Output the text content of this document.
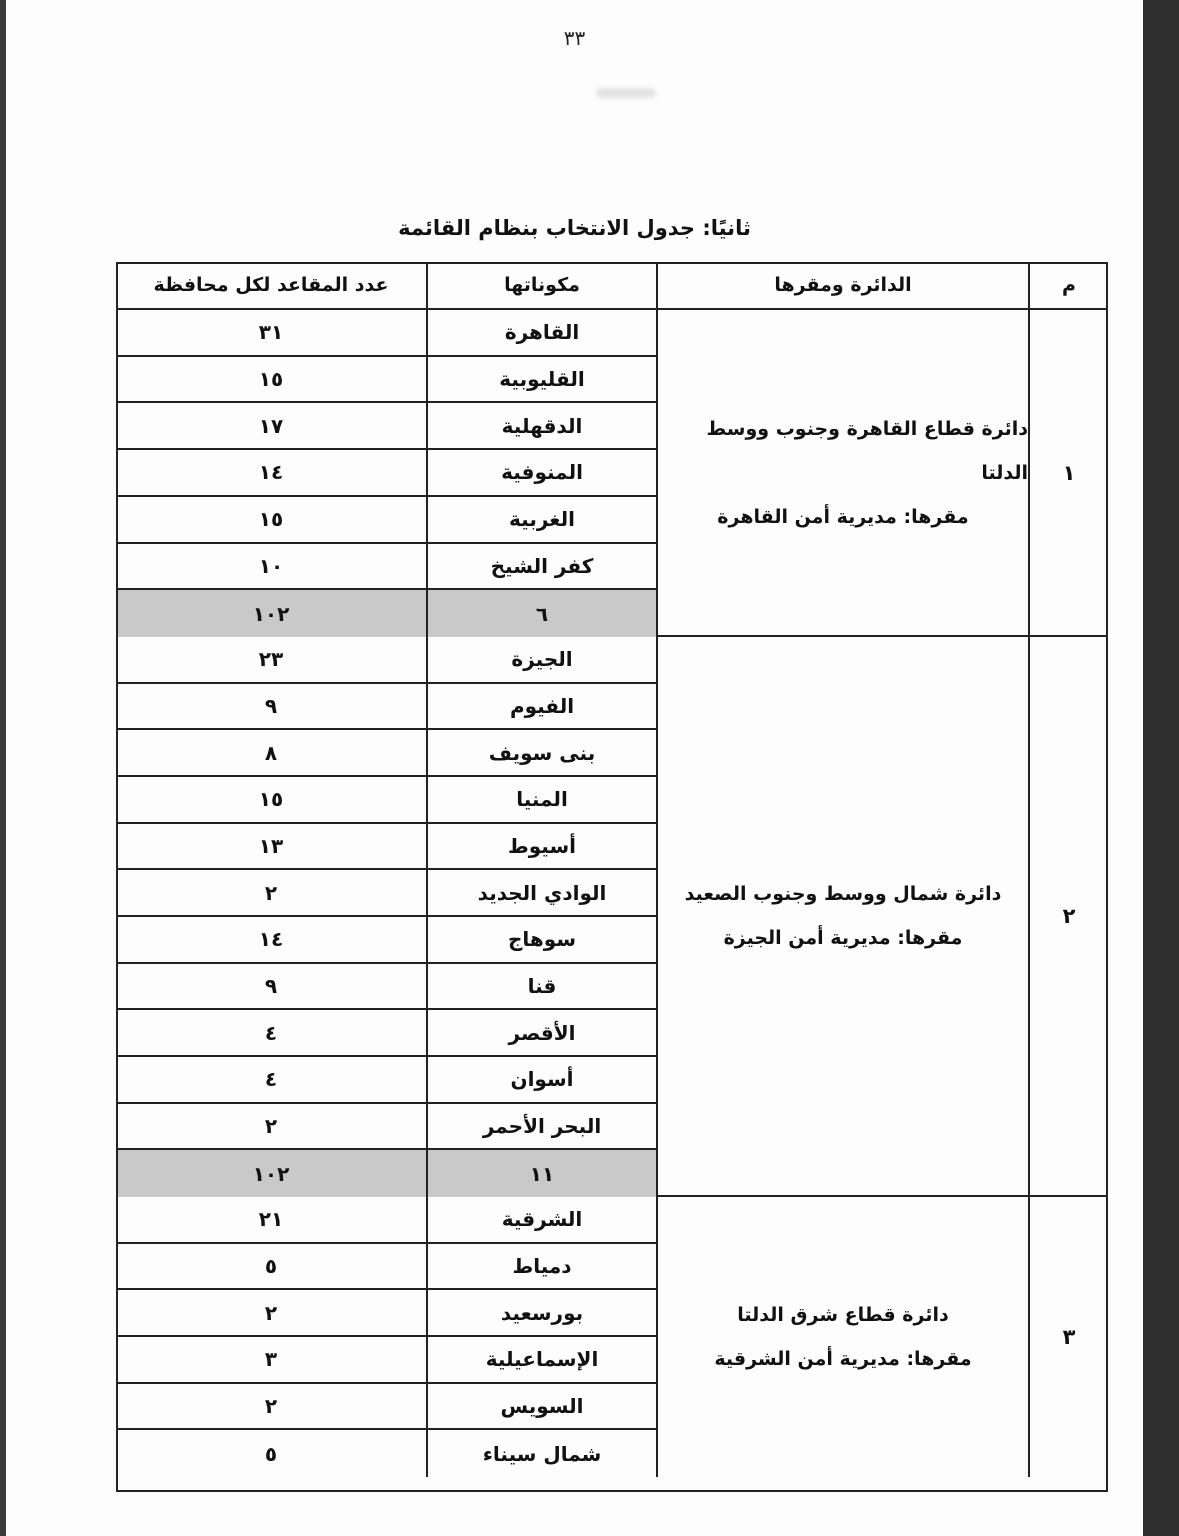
٣٣
ثانيًا: جدول الانتخاب بنظام القائمة
م
الدائرة ومقرها
مكوناتها
عدد المقاعد لكل محافظة
١
دائرة قطاع القاهرة وجنوب ووسط الدلتا
مقرها: مديرية أمن القاهرة
القاهرة
٣١
القليوبية
١٥
الدقهلية
١٧
المنوفية
١٤
الغربية
١٥
كفر الشيخ
١٠
٦
١٠٢
٢
دائرة شمال ووسط وجنوب الصعيد
مقرها: مديرية أمن الجيزة
الجيزة
٢٣
الفيوم
٩
بنى سويف
٨
المنيا
١٥
أسيوط
١٣
الوادي الجديد
٢
سوهاج
١٤
قنا
٩
الأقصر
٤
أسوان
٤
البحر الأحمر
٢
١١
١٠٢
٣
دائرة قطاع شرق الدلتا
مقرها: مديرية أمن الشرقية
الشرقية
٢١
دمياط
٥
بورسعيد
٢
الإسماعيلية
٣
السويس
٢
شمال سيناء
٥
